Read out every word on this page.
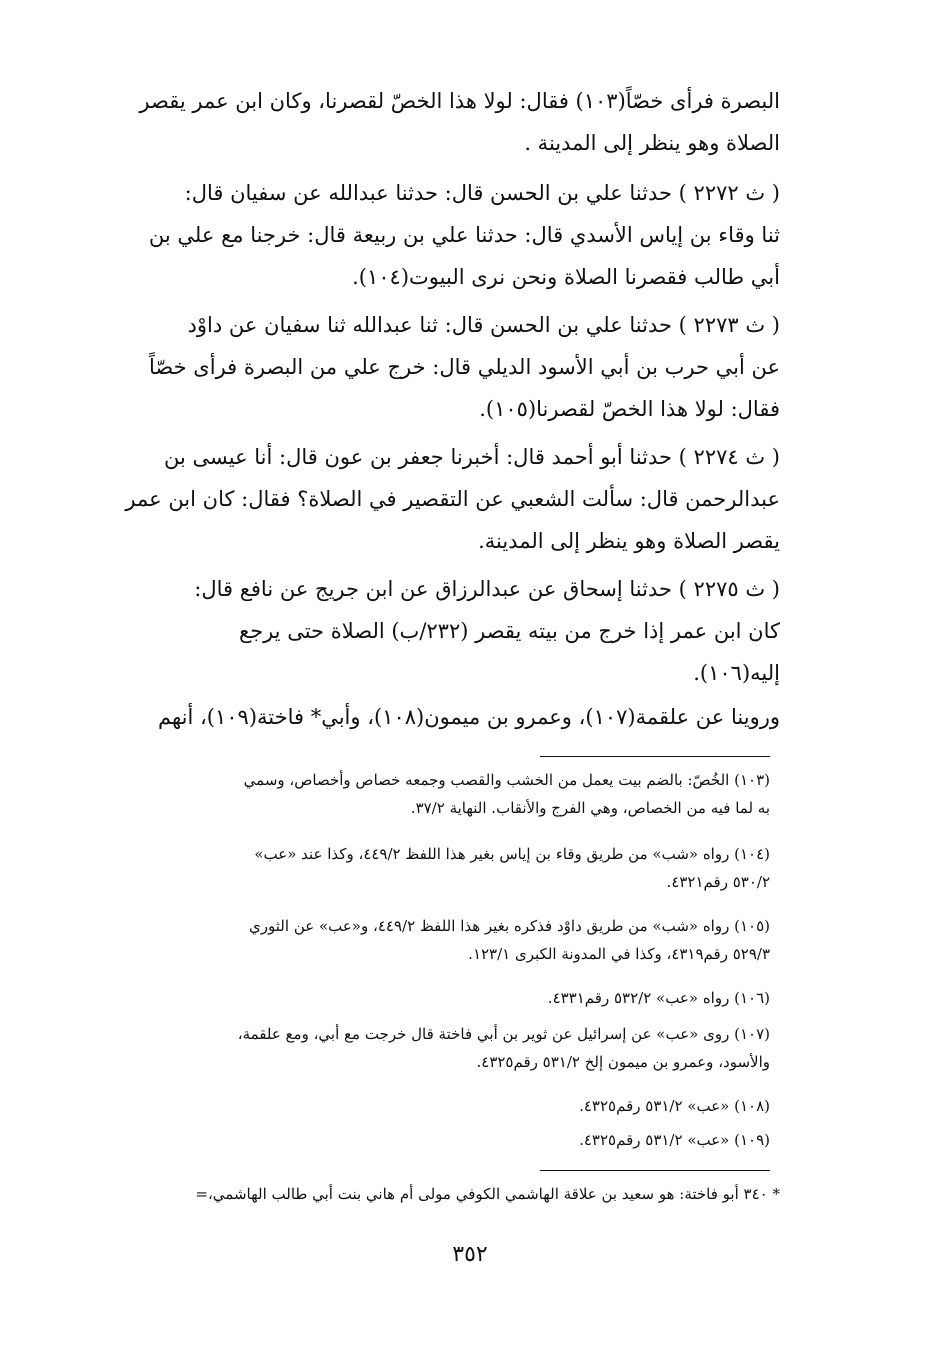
البصرة فرأى خصّاً(١٠٣) فقال: لولا هذا الخصّ لقصرنا، وكان ابن عمر يقصر
الصلاة وهو ينظر إلى المدينة .

( ث ٢٢٧٢ ) حدثنا علي بن الحسن قال: حدثنا عبدالله عن سفيان قال:
ثنا وقاء بن إياس الأسدي قال: حدثنا علي بن ربيعة قال: خرجنا مع علي بن
أبي طالب فقصرنا الصلاة ونحن نرى البيوت(١٠٤).

( ث ٢٢٧٣ ) حدثنا علي بن الحسن قال: ثنا عبدالله ثنا سفيان عن داوْد
عن أبي حرب بن أبي الأسود الديلي قال: خرج علي من البصرة فرأى خصّاً
فقال: لولا هذا الخصّ لقصرنا(١٠٥).

( ث ٢٢٧٤ ) حدثنا أبو أحمد قال: أخبرنا جعفر بن عون قال: أنا عيسى بن
عبدالرحمن قال: سألت الشعبي عن التقصير في الصلاة؟ فقال: كان ابن عمر
يقصر الصلاة وهو ينظر إلى المدينة.

( ث ٢٢٧٥ ) حدثنا إسحاق عن عبدالرزاق عن ابن جريج عن نافع قال:
كان ابن عمر إذا خرج من بيته يقصر (٢٣٢/ب) الصلاة حتى يرجع
إليه(١٠٦).

وروينا عن علقمة(١٠٧)، وعمرو بن ميمون(١٠٨)، وأبي* فاختة(١٠٩)، أنهم

(١٠٣) الخُصّ: بالضم بيت يعمل من الخشب والقصب وجمعه خصاص وأخصاص، وسمي
به لما فيه من الخصاص، وهي الفرج والأنقاب. النهاية ٣٧/٢.

(١٠٤) رواه «شب» من طريق وقاء بن إياس بغير هذا اللفظ ٤٤٩/٢، وكذا عند «عب»
٥٣٠/٢ رقم٤٣٢١.

(١٠٥) رواه «شب» من طريق داوْد فذكره بغير هذا اللفظ ٤٤٩/٢، و«عب» عن الثوري
٥٢٩/٣ رقم٤٣١٩، وكذا في المدونة الكبرى ١٢٣/١.

(١٠٦) رواه «عب» ٥٣٢/٢ رقم٤٣٣١.

(١٠٧) روى «عب» عن إسرائيل عن ثوير بن أبي فاختة قال خرجت مع أبي، ومع علقمة،
والأسود، وعمرو بن ميمون إلخ ٥٣١/٢ رقم٤٣٢٥.

(١٠٨) «عب» ٥٣١/٢ رقم٤٣٢٥.

(١٠٩) «عب» ٥٣١/٢ رقم٤٣٢٥.

* ٣٤٠ أبو فاختة: هو سعيد بن علاقة الهاشمي الكوفي مولى أم هاني بنت أبي طالب الهاشمي،=

٣٥٢
